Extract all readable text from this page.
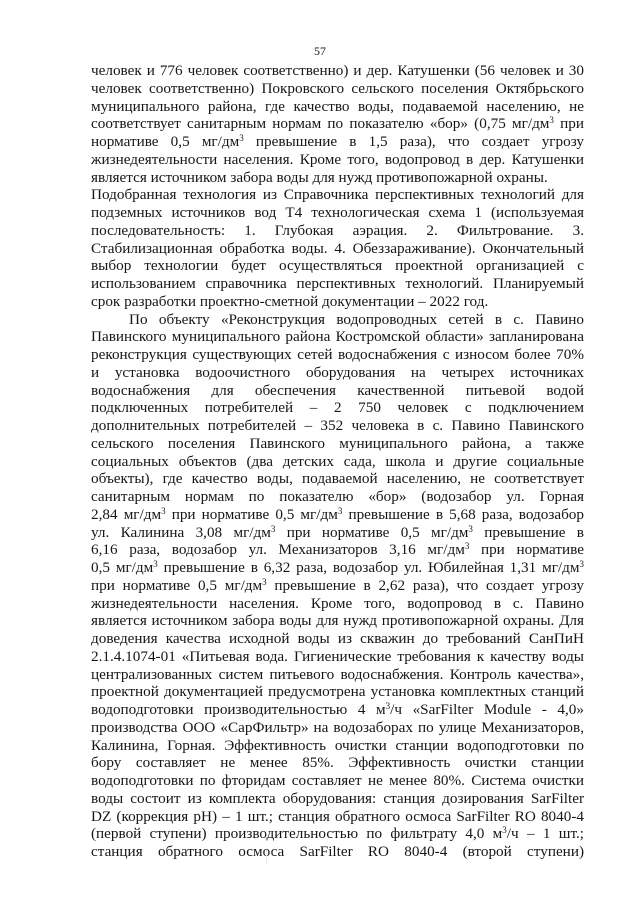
57

человек и 776 человек соответственно) и дер. Катушенки (56 человек и 30

человек соответственно) Покровского сельского поселения Октябрьского

муниципального района, где качество воды, подаваемой населению, не

соответствует санитарным нормам по показателю «бор» (0,75 $мг/дм^3$ при

нормативе 0,5 $мг/дм^3$ превышение в 1,5 раза), что создает угрозу

жизнедеятельности населения. Кроме того, водопровод в дер. Катушенки

является источником забора воды для нужд противопожарной охраны.

Подобранная технология из Справочника перспективных технологий для

подземных источников вод Т4 технологическая схема 1 (используемая

последовательность: 1. Глубокая аэрация. 2. Фильтрование. 3.

Стабилизационная обработка воды. 4. Обеззараживание). Окончательный

выбор технологии будет осуществляться проектной организацией с

использованием справочника перспективных технологий. Планируемый

срок разработки проектно-сметной документации – 2022 год.

По объекту «Реконструкция водопроводных сетей в с. Павино

Павинского муниципального района Костромской области» запланирована

реконструкция существующих сетей водоснабжения с износом более 70%

и установка водоочистного оборудования на четырех источниках

водоснабжения для обеспечения качественной питьевой водой

подключенных потребителей – 2 750 человек с подключением

дополнительных потребителей – 352 человека в с. Павино Павинского

сельского поселения Павинского муниципального района, а также

социальных объектов (два детских сада, школа и другие социальные

объекты), где качество воды, подаваемой населению, не соответствует

санитарным нормам по показателю «бор» (водозабор ул. Горная

2,84 $мг/дм^3$ при нормативе 0,5 $мг/дм^3$ превышение в 5,68 раза, водозабор

ул. Калинина 3,08 $мг/дм^3$ при нормативе 0,5 $мг/дм^3$ превышение в

6,16 раза, водозабор ул. Механизаторов 3,16 $мг/дм^3$ при нормативе

0,5 $мг/дм^3$ превышение в 6,32 раза, водозабор ул. Юбилейная 1,31 $мг/дм^3$

при нормативе 0,5 $мг/дм^3$ превышение в 2,62 раза), что создает угрозу

жизнедеятельности населения. Кроме того, водопровод в с. Павино

является источником забора воды для нужд противопожарной охраны. Для

доведения качества исходной воды из скважин до требований СанПиН

2.1.4.1074-01 «Питьевая вода. Гигиенические требования к качеству воды

централизованных систем питьевого водоснабжения. Контроль качества»,

проектной документацией предусмотрена установка комплектных станций

водоподготовки производительностью 4 $м^3/ч$ «SarFilter Module - 4,0»

производства ООО «СарФильтр» на водозаборах по улице Механизаторов,

Калинина, Горная. Эффективность очистки станции водоподготовки по

бору составляет не менее 85%. Эффективность очистки станции

водоподготовки по фторидам составляет не менее 80%. Система очистки

воды состоит из комплекта оборудования: станция дозирования SarFilter

DZ (коррекция рН) – 1 шт.; станция обратного осмоса SarFilter RO 8040-4

(первой ступени) производительностью по фильтрату 4,0 $м^3/ч - 1$ шт.;

станция обратного осмоса SarFilter RO 8040-4 (второй ступени)
